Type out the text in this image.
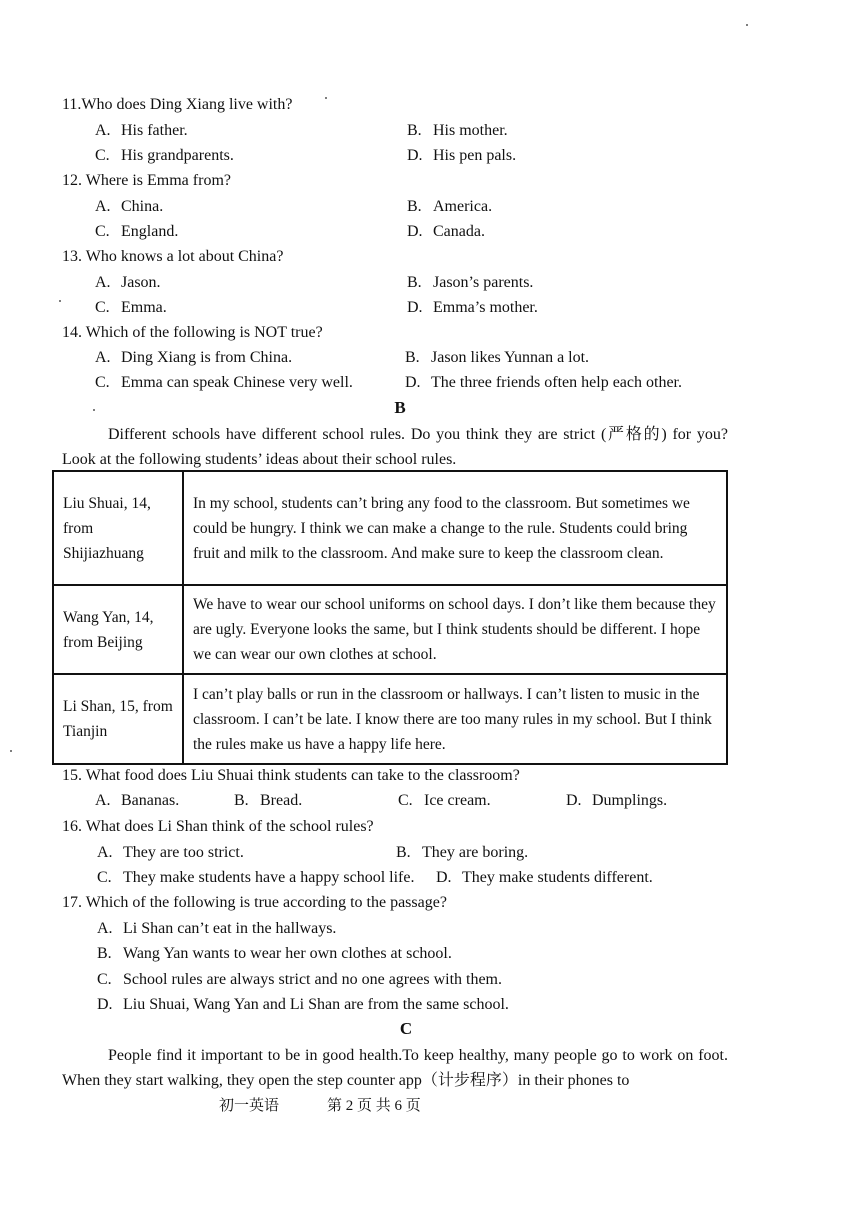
11.Who does Ding Xiang live with?
A. His father.	B. His mother.
C. His grandparents.	D. His pen pals.
12. Where is Emma from?
A. China.	B. America.
C. England.	D. Canada.
13. Who knows a lot about China?
A. Jason.	B. Jason’s parents.
C. Emma.	D. Emma’s mother.
14. Which of the following is NOT true?
A. Ding Xiang is from China.	B. Jason likes Yunnan a lot.
C. Emma can speak Chinese very well.	D. The three friends often help each other.
B

Different schools have different school rules. Do you think they are strict (严格的) for you? Look at the following students’ ideas about their school rules.

Liu Shuai, 14, from Shijiazhuang	In my school, students can’t bring any food to the classroom. But sometimes we could be hungry. I think we can make a change to the rule. Students could bring fruit and milk to the classroom. And make sure to keep the classroom clean.
Wang Yan, 14, from Beijing	We have to wear our school uniforms on school days. I don’t like them because they are ugly. Everyone looks the same, but I think students should be different. I hope we can wear our own clothes at school.
Li Shan, 15, from Tianjin	I can’t play balls or run in the classroom or hallways. I can’t listen to music in the classroom. I can’t be late. I know there are too many rules in my school. But I think the rules make us have a happy life here.
15. What food does Liu Shuai think students can take to the classroom?
A. Bananas.	B. Bread.	C. Ice cream.	D. Dumplings.
16. What does Li Shan think of the school rules?
A. They are too strict.	B. They are boring.
C. They make students have a happy school life. D. They make students different.
17. Which of the following is true according to the passage?
A. Li Shan can’t eat in the hallways.
B. Wang Yan wants to wear her own clothes at school.
C. School rules are always strict and no one agrees with them.
D. Liu Shuai, Wang Yan and Li Shan are from the same school.
C

People find it important to be in good health.To keep healthy, many people go to work on foot. When they start walking, they open the step counter app（计步程序）in their phones to

初一英语	第 2 页 共 6 页
